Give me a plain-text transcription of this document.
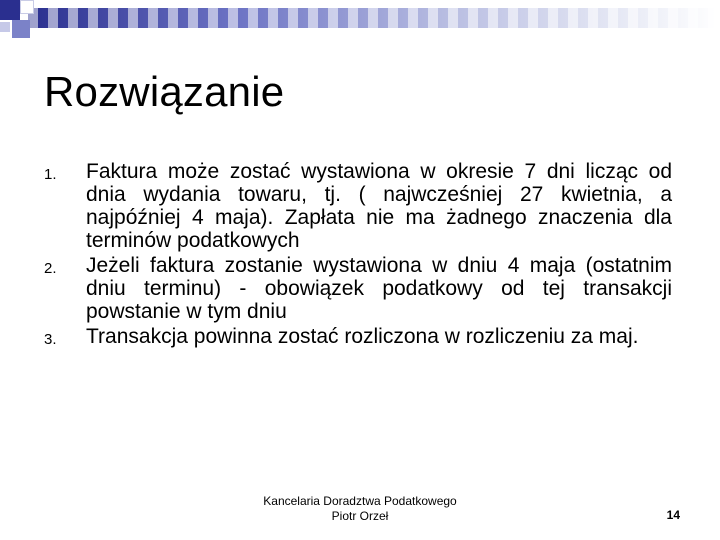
Rozwiązanie
1.	Faktura może zostać wystawiona w okresie 7 dni licząc od dnia wydania towaru, tj. ( najwcześniej 27 kwietnia, a najpóźniej 4 maja). Zapłata nie ma żadnego znaczenia dla terminów podatkowych
2.	Jeżeli faktura zostanie wystawiona w dniu 4 maja (ostatnim dniu terminu) - obowiązek podatkowy od tej transakcji powstanie w tym dniu
3.	Transakcja powinna zostać rozliczona w rozliczeniu za maj.
Kancelaria Doradztwa Podatkowego
Piotr Orzeł	14
